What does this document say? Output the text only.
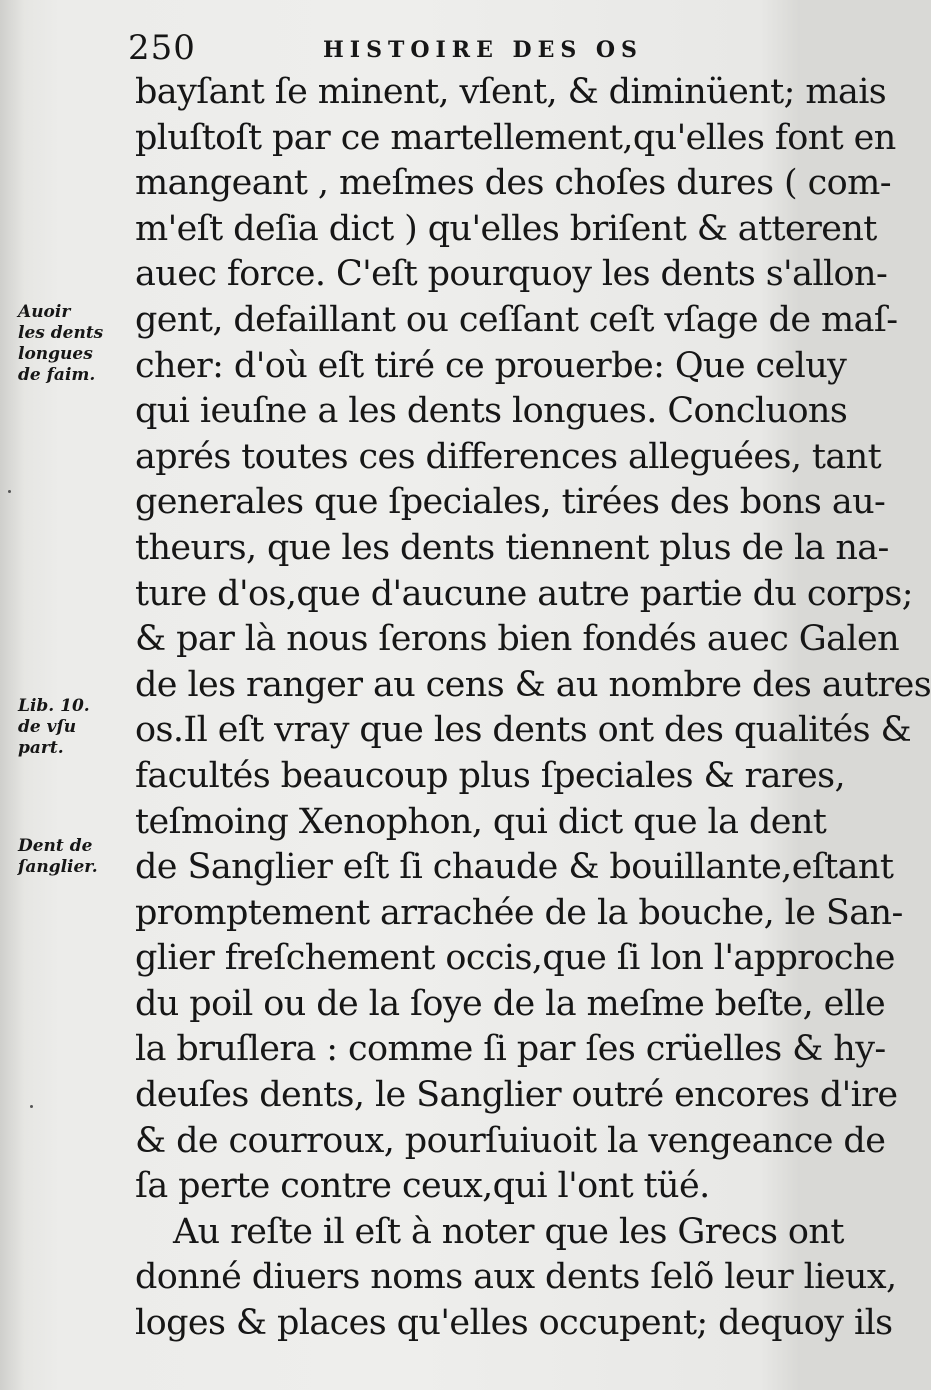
250	HISTOIRE DES OS
bayſant ſe minent, vſent, & diminüent; mais
pluſtoſt par ce martellement,qu'elles font en
mangeant , meſmes des choſes dures ( com-
m'eſt deſia dict ) qu'elles briſent & atterent
auec force. C'eſt pourquoy les dents s'allon-
gent, defaillant ou ceſſant ceſt vſage de maſ-
cher: d'où eſt tiré ce prouerbe: Que celuy
qui ieuſne a les dents longues. Concluons
aprés toutes ces differences alleguées, tant
generales que ſpeciales, tirées des bons au-
theurs, que les dents tiennent plus de la na-
ture d'os,que d'aucune autre partie du corps;
& par là nous ſerons bien fondés auec Galen
de les ranger au cens & au nombre des autres
os.Il eſt vray que les dents ont des qualités &
facultés beaucoup plus ſpeciales & rares,
teſmoing Xenophon, qui dict que la dent
de Sanglier eſt ſi chaude & bouillante,eſtant
promptement arrachée de la bouche, le San-
glier freſchement occis,que ſi lon l'approche
du poil ou de la ſoye de la meſme beſte, elle
la bruſlera : comme ſi par ſes crüelles & hy-
deuſes dents, le Sanglier outré encores d'ire
& de courroux, pourſuiuoit la vengeance de
ſa perte contre ceux,qui l'ont tüé.
Au reſte il eſt à noter que les Grecs ont
donné diuers noms aux dents ſelõ leur lieux,
loges & places qu'elles occupent; dequoy ils
Auoir
les dents
longues
de faim.
Lib. 10.
de vſu
part.
Dent de
ſanglier.
